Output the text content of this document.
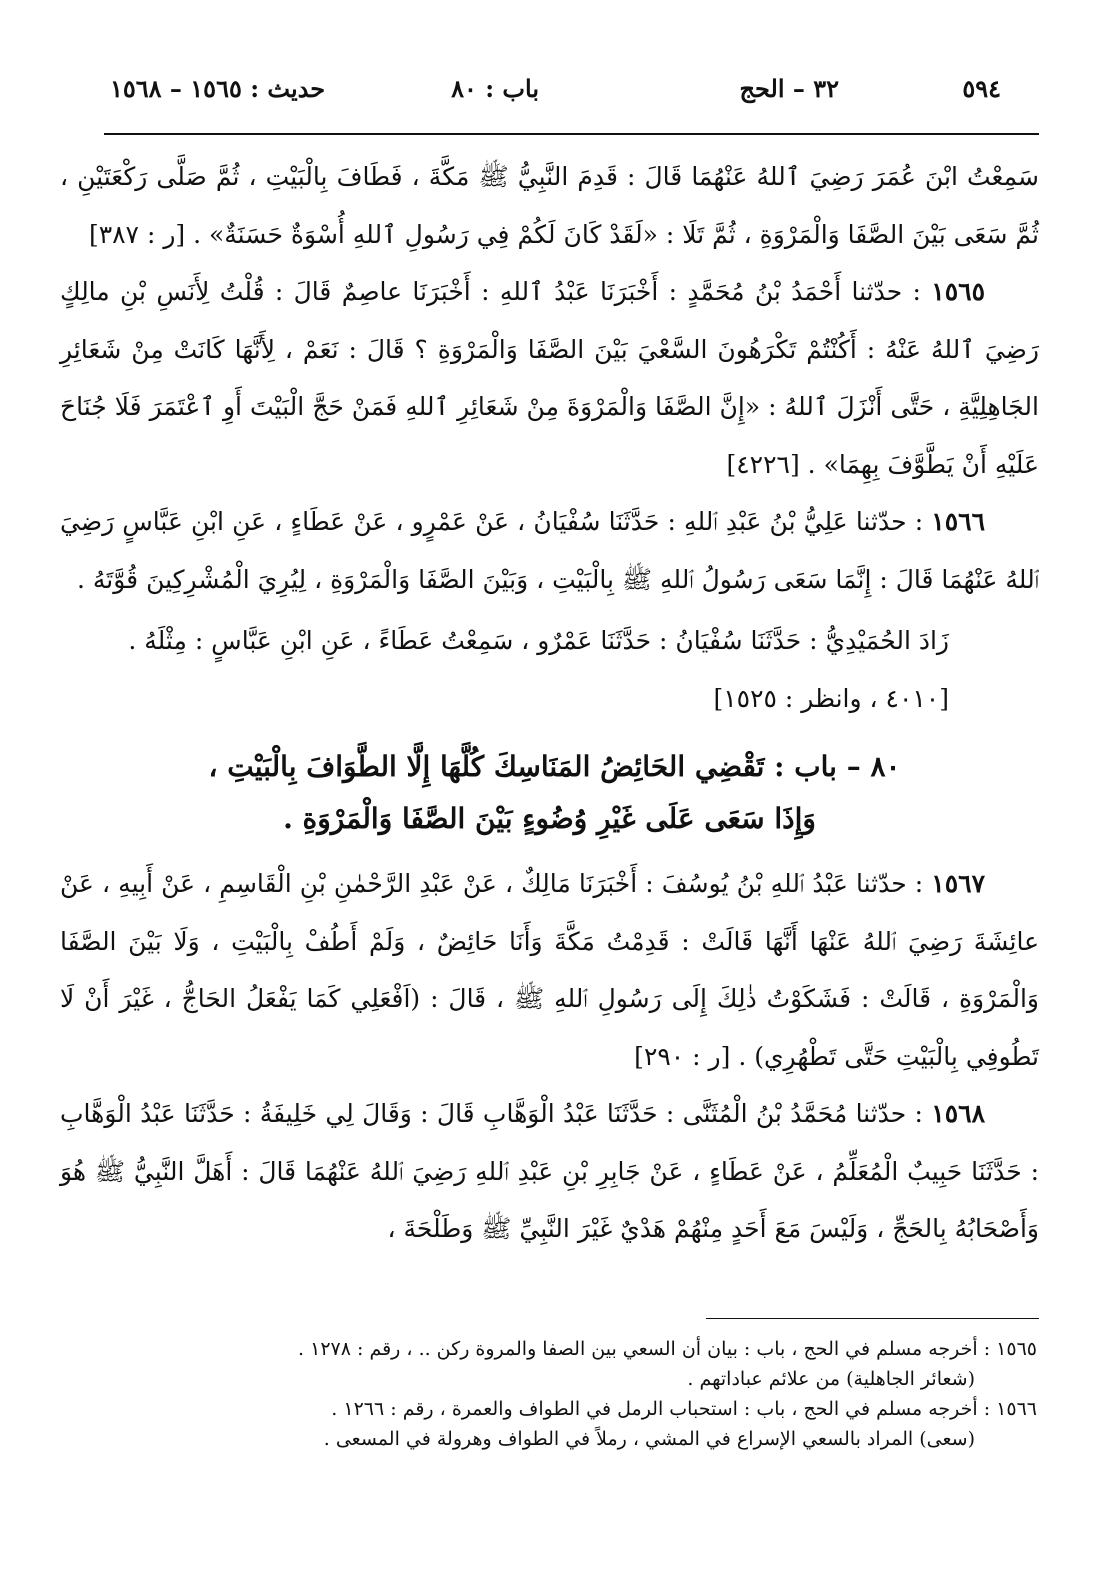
٥٩٤
٣٢ – الحج
باب : ٨٠
حديث : ١٥٦٥ – ١٥٦٨

سَمِعْتُ ابْنَ عُمَرَ رَضِيَ ٱللهُ عَنْهُمَا قَالَ : قَدِمَ النَّبِيُّ ﷺ مَكَّةَ ، فَطَافَ بِالْبَيْتِ ، ثُمَّ صَلَّى رَكْعَتَيْنِ ، ثُمَّ سَعَى بَيْنَ الصَّفَا وَالْمَرْوَةِ ، ثُمَّ تَلَا : «لَقَدْ كَانَ لَكُمْ فِي رَسُولِ ٱللهِ أُسْوَةٌ حَسَنَةٌ» . [ر : ٣٨٧]

١٥٦٥ : حدّثنا أَحْمَدُ بْنُ مُحَمَّدٍ : أَخْبَرَنَا عَبْدُ ٱللهِ : أَخْبَرَنَا عاصِمٌ قَالَ : قُلْتُ لِأَنَسِ بْنِ مالِكٍ رَضِيَ ٱللهُ عَنْهُ : أَكُنْتُمْ تَكْرَهُونَ السَّعْيَ بَيْنَ الصَّفَا وَالْمَرْوَةِ ؟ قَالَ : نَعَمْ ، لِأَنَّهَا كَانَتْ مِنْ شَعَائِرِ الجَاهِلِيَّةِ ، حَتَّى أَنْزَلَ ٱللهُ : «إِنَّ الصَّفَا وَالْمَرْوَةَ مِنْ شَعَائِرِ ٱللهِ فَمَنْ حَجَّ الْبَيْتَ أَوِ ٱعْتَمَرَ فَلَا جُنَاحَ عَلَيْهِ أَنْ يَطَّوَّفَ بِهِمَا» . [٤٢٢٦]

١٥٦٦ : حدّثنا عَلِيُّ بْنُ عَبْدِ ٱللهِ : حَدَّثَنَا سُفْيَانُ ، عَنْ عَمْرٍو ، عَنْ عَطَاءٍ ، عَنِ ابْنِ عَبَّاسٍ رَضِيَ ٱللهُ عَنْهُمَا قَالَ : إِنَّمَا سَعَى رَسُولُ ٱللهِ ﷺ بِالْبَيْتِ ، وَبَيْنَ الصَّفَا وَالْمَرْوَةِ ، لِيُرِيَ الْمُشْرِكِينَ قُوَّتَهُ .

زَادَ الحُمَيْدِيُّ : حَدَّثَنَا سُفْيَانُ : حَدَّثَنَا عَمْرٌو ، سَمِعْتُ عَطَاءً ، عَنِ ابْنِ عَبَّاسٍ : مِثْلَهُ .

[٤٠١٠ ، وانظر : ١٥٢٥]

٨٠ – باب : تَقْضِي الحَائِضُ المَنَاسِكَ كُلَّهَا إِلَّا الطَّوَافَ بِالْبَيْتِ ،
وَإِذَا سَعَى عَلَى غَيْرِ وُضُوءٍ بَيْنَ الصَّفَا وَالْمَرْوَةِ .

١٥٦٧ : حدّثنا عَبْدُ ٱللهِ بْنُ يُوسُفَ : أَخْبَرَنَا مَالِكٌ ، عَنْ عَبْدِ الرَّحْمٰنِ بْنِ الْقَاسِمِ ، عَنْ أَبِيهِ ، عَنْ عائِشَةَ رَضِيَ ٱللهُ عَنْهَا أَنَّهَا قَالَتْ : قَدِمْتُ مَكَّةَ وَأَنَا حَائِضٌ ، وَلَمْ أَطُفْ بِالْبَيْتِ ، وَلَا بَيْنَ الصَّفَا وَالْمَرْوَةِ ، قَالَتْ : فَشَكَوْتُ ذٰلِكَ إِلَى رَسُولِ ٱللهِ ﷺ ، قَالَ : (اَفْعَلِي كَمَا يَفْعَلُ الحَاجُّ ، غَيْرَ أَنْ لَا تَطُوفِي بِالْبَيْتِ حَتَّى تَطْهُرِي) . [ر : ٢٩٠]

١٥٦٨ : حدّثنا مُحَمَّدُ بْنُ الْمُثَنَّى : حَدَّثَنَا عَبْدُ الْوَهَّابِ قَالَ : وَقَالَ لِي خَلِيفَةُ : حَدَّثَنَا عَبْدُ الْوَهَّابِ : حَدَّثَنَا حَبِيبٌ الْمُعَلِّمُ ، عَنْ عَطَاءٍ ، عَنْ جَابِرِ بْنِ عَبْدِ ٱللهِ رَضِيَ ٱللهُ عَنْهُمَا قَالَ : أَهَلَّ النَّبِيُّ ﷺ هُوَ وَأَصْحَابُهُ بِالحَجِّ ، وَلَيْسَ مَعَ أَحَدٍ مِنْهُمْ هَدْيٌ غَيْرَ النَّبِيِّ ﷺ وَطَلْحَةَ ،

١٥٦٥ : أخرجه مسلم في الحج ، باب : بيان أن السعي بين الصفا والمروة ركن .. ، رقم : ١٢٧٨ .

(شعائر الجاهلية) من علائم عباداتهم .

١٥٦٦ : أخرجه مسلم في الحج ، باب : استحباب الرمل في الطواف والعمرة ، رقم : ١٢٦٦ .

(سعى) المراد بالسعي الإسراع في المشي ، رملاً في الطواف وهرولة في المسعى .
